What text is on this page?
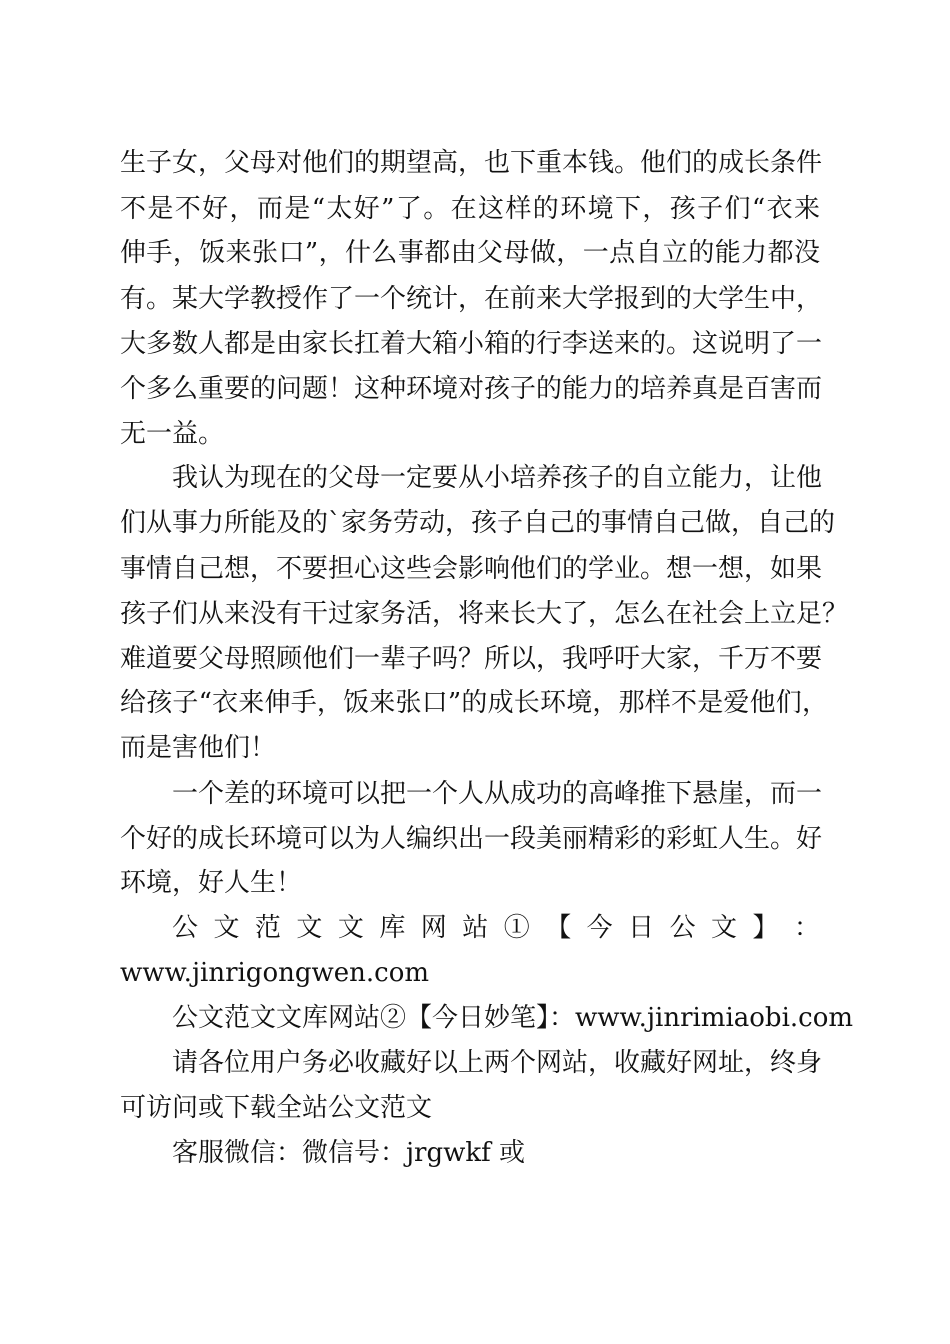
生子女，父母对他们的期望高，也下重本钱。他们的成长条件
不是不好，而是“太好”了。在这样的环境下，孩子们“衣来
伸手，饭来张口”，什么事都由父母做，一点自立的能力都没
有。某大学教授作了一个统计，在前来大学报到的大学生中，
大多数人都是由家长扛着大箱小箱的行李送来的。这说明了一
个多么重要的问题！这种环境对孩子的能力的培养真是百害而
无一益。
我认为现在的父母一定要从小培养孩子的自立能力，让他
们从事力所能及的`家务劳动，孩子自己的事情自己做，自己的
事情自己想，不要担心这些会影响他们的学业。想一想，如果
孩子们从来没有干过家务活，将来长大了，怎么在社会上立足？
难道要父母照顾他们一辈子吗？所以，我呼吁大家，千万不要
给孩子“衣来伸手，饭来张口”的成长环境，那样不是爱他们，
而是害他们！
一个差的环境可以把一个人从成功的高峰推下悬崖，而一
个好的成长环境可以为人编织出一段美丽精彩的彩虹人生。好
环境，好人生！
公 文 范 文 文 库 网 站 ① 【 今 日 公 文 】 ：
www.jinrigongwen.com
公文范文文库网站②【今日妙笔】：www.jinrimiaobi.com
请各位用户务必收藏好以上两个网站，收藏好网址，终身
可访问或下载全站公文范文
客服微信：微信号：jrgwkf 或
